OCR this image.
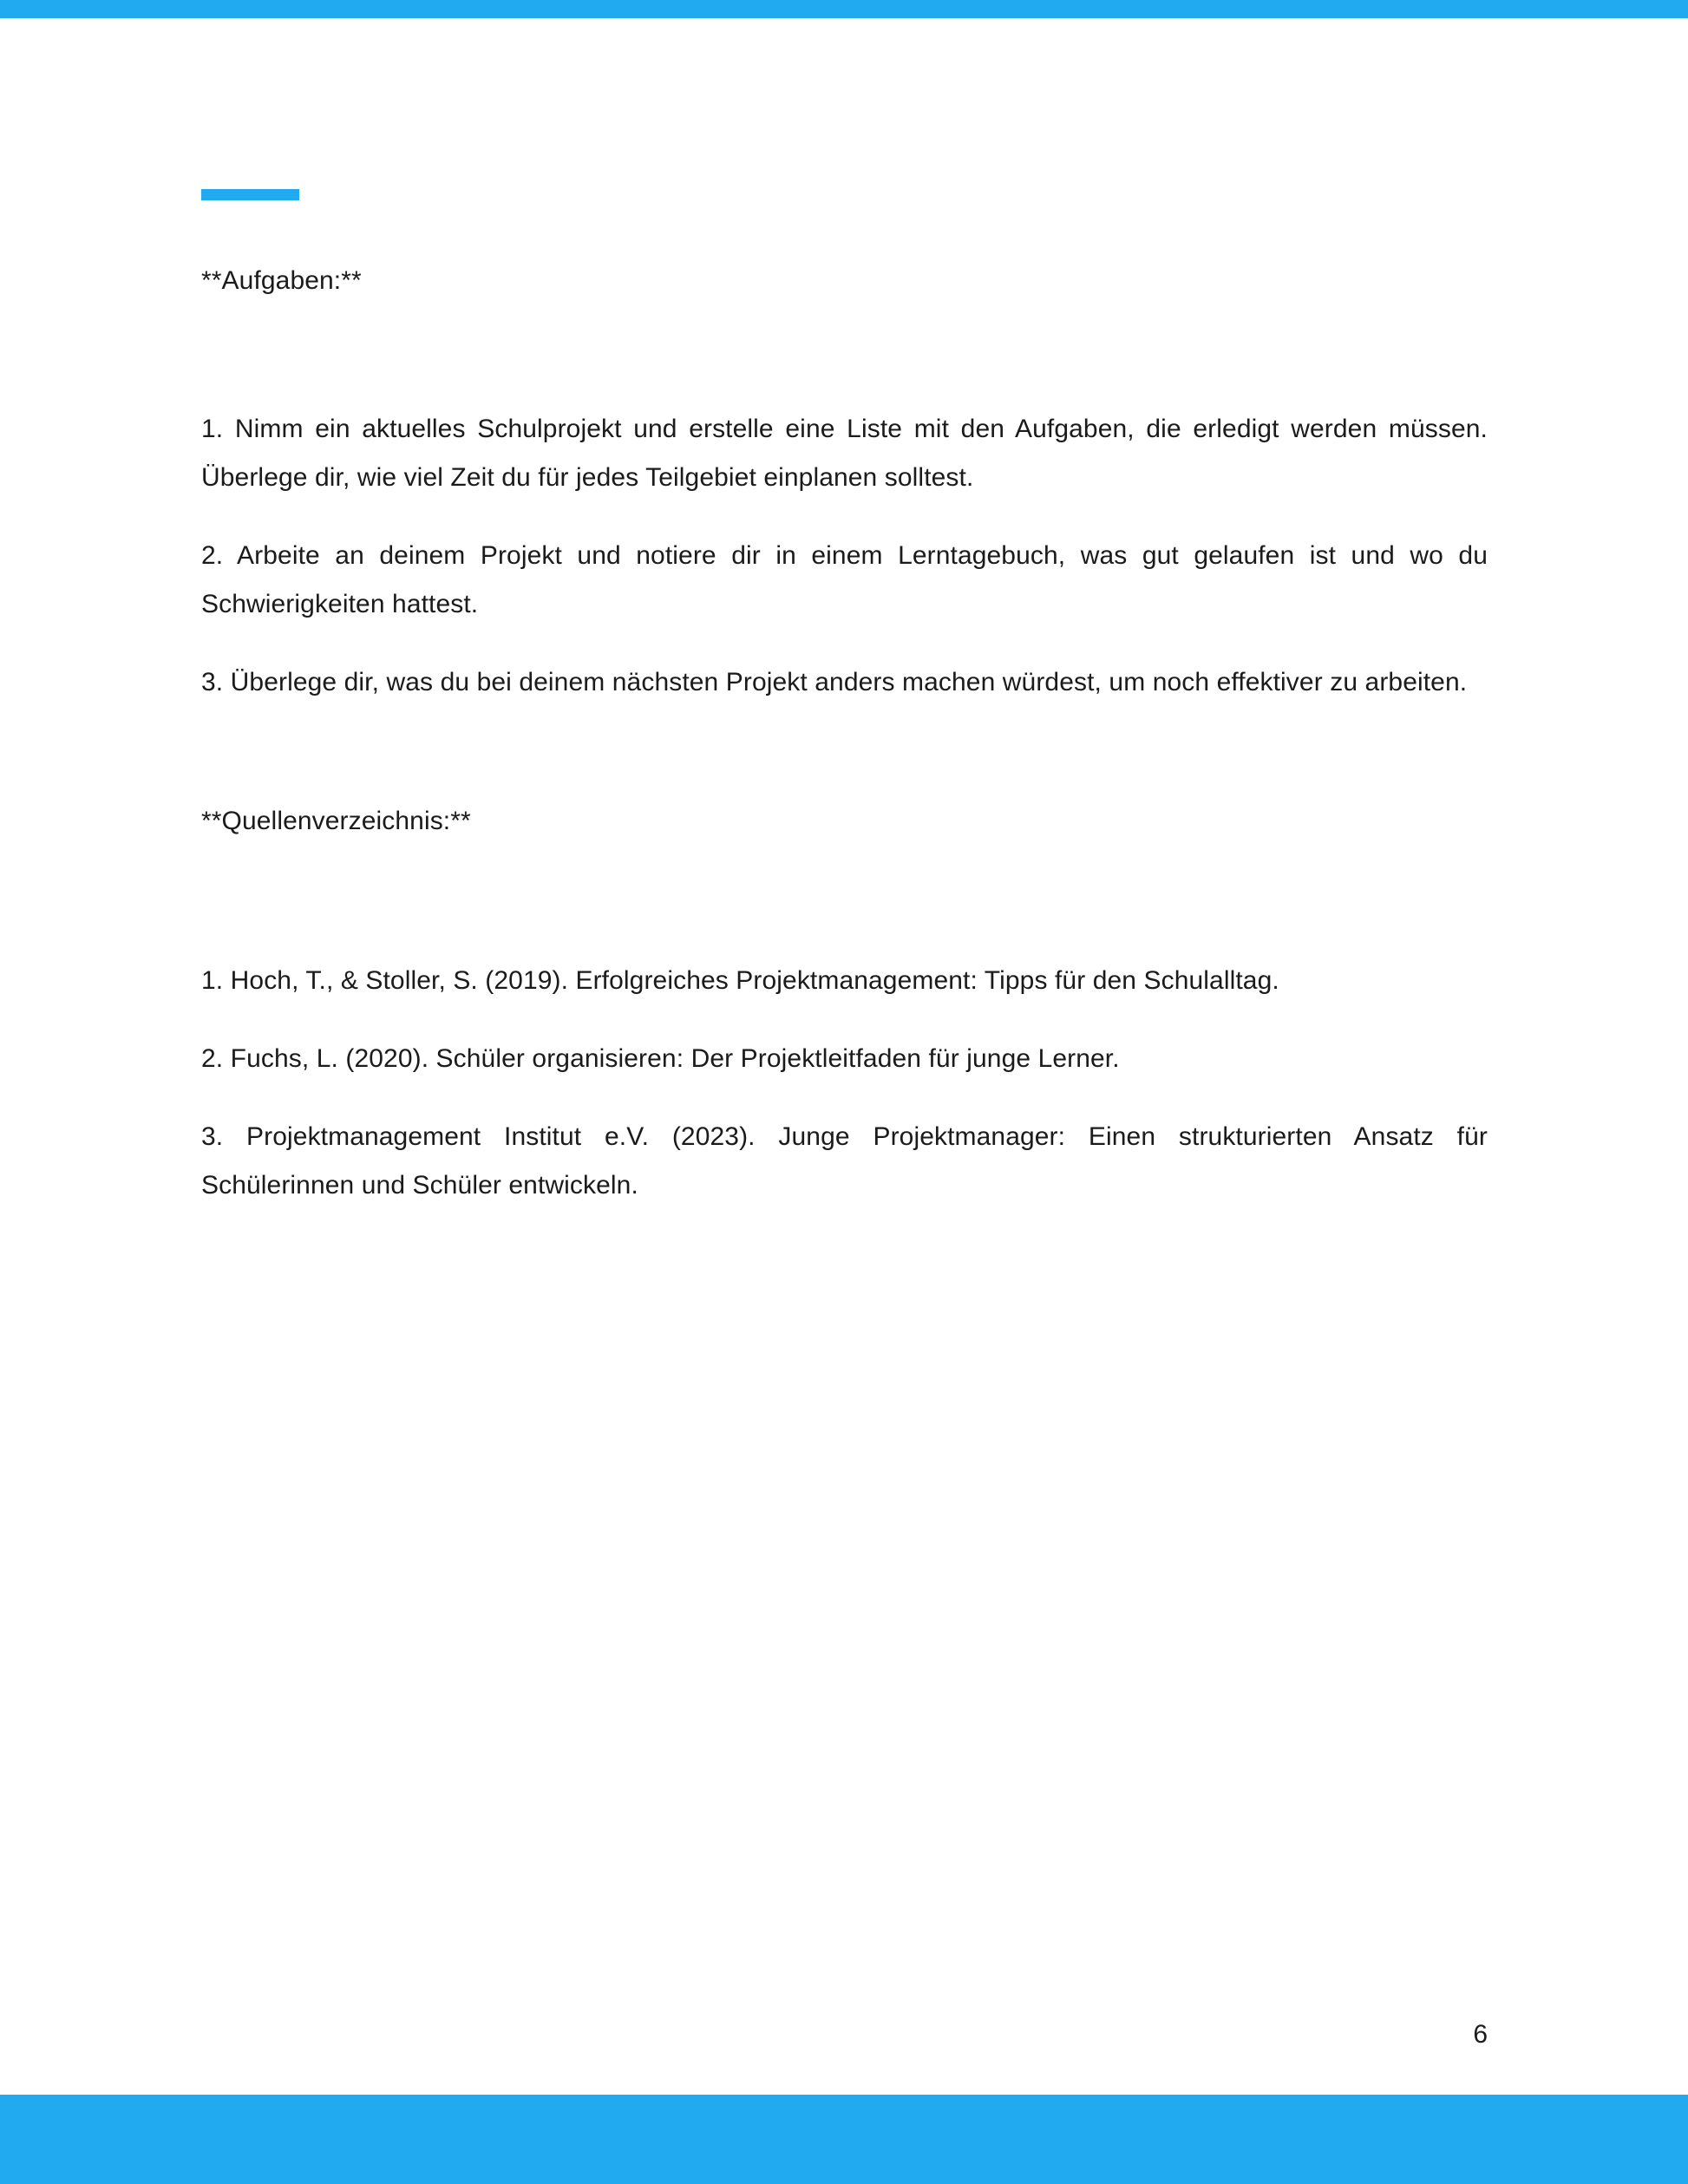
**Aufgaben:**

1. Nimm ein aktuelles Schulprojekt und erstelle eine Liste mit den Aufgaben, die erledigt werden müssen. Überlege dir, wie viel Zeit du für jedes Teilgebiet einplanen solltest.

2. Arbeite an deinem Projekt und notiere dir in einem Lerntagebuch, was gut gelaufen ist und wo du Schwierigkeiten hattest.

3. Überlege dir, was du bei deinem nächsten Projekt anders machen würdest, um noch effektiver zu arbeiten.

**Quellenverzeichnis:**

1. Hoch, T., & Stoller, S. (2019). Erfolgreiches Projektmanagement: Tipps für den Schulalltag.

2. Fuchs, L. (2020). Schüler organisieren: Der Projektleitfaden für junge Lerner.

3. Projektmanagement Institut e.V. (2023). Junge Projektmanager: Einen strukturierten Ansatz für Schülerinnen und Schüler entwickeln.

6
